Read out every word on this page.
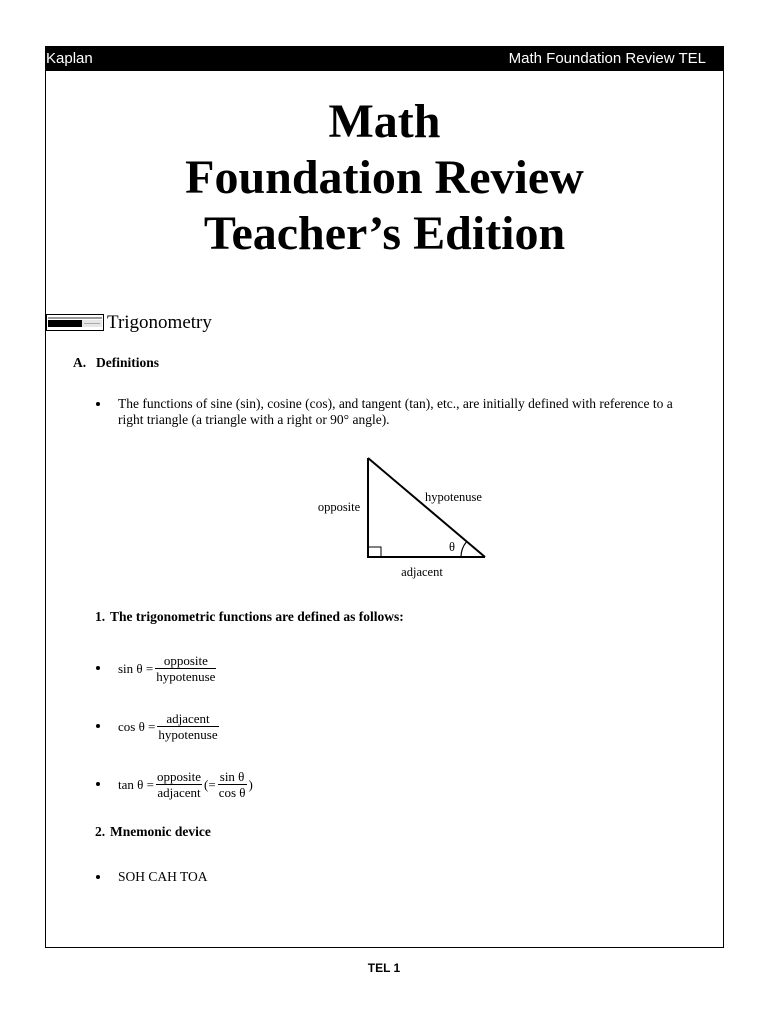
Kaplan	Math Foundation Review TEL
Math
Foundation Review
Teacher’s Edition
Trigonometry
A. Definitions
The functions of sine (sin), cosine (cos), and tangent (tan), etc., are initially defined with reference to a
right triangle (a triangle with a right or 90° angle).
opposite
hypotenuse
θ
adjacent
1. The trigonometric functions are defined as follows:
$\sin \theta = \frac{\text{opposite}}{\text{hypotenuse}}$
$\cos \theta = \frac{\text{adjacent}}{\text{hypotenuse}}$
$\tan \theta = \frac{\text{opposite}}{\text{adjacent}}$ (= $\frac{\text{sin θ}}{\text{cos θ}}$ )
2. Mnemonic device
SOH CAH TOA
TEL 1
